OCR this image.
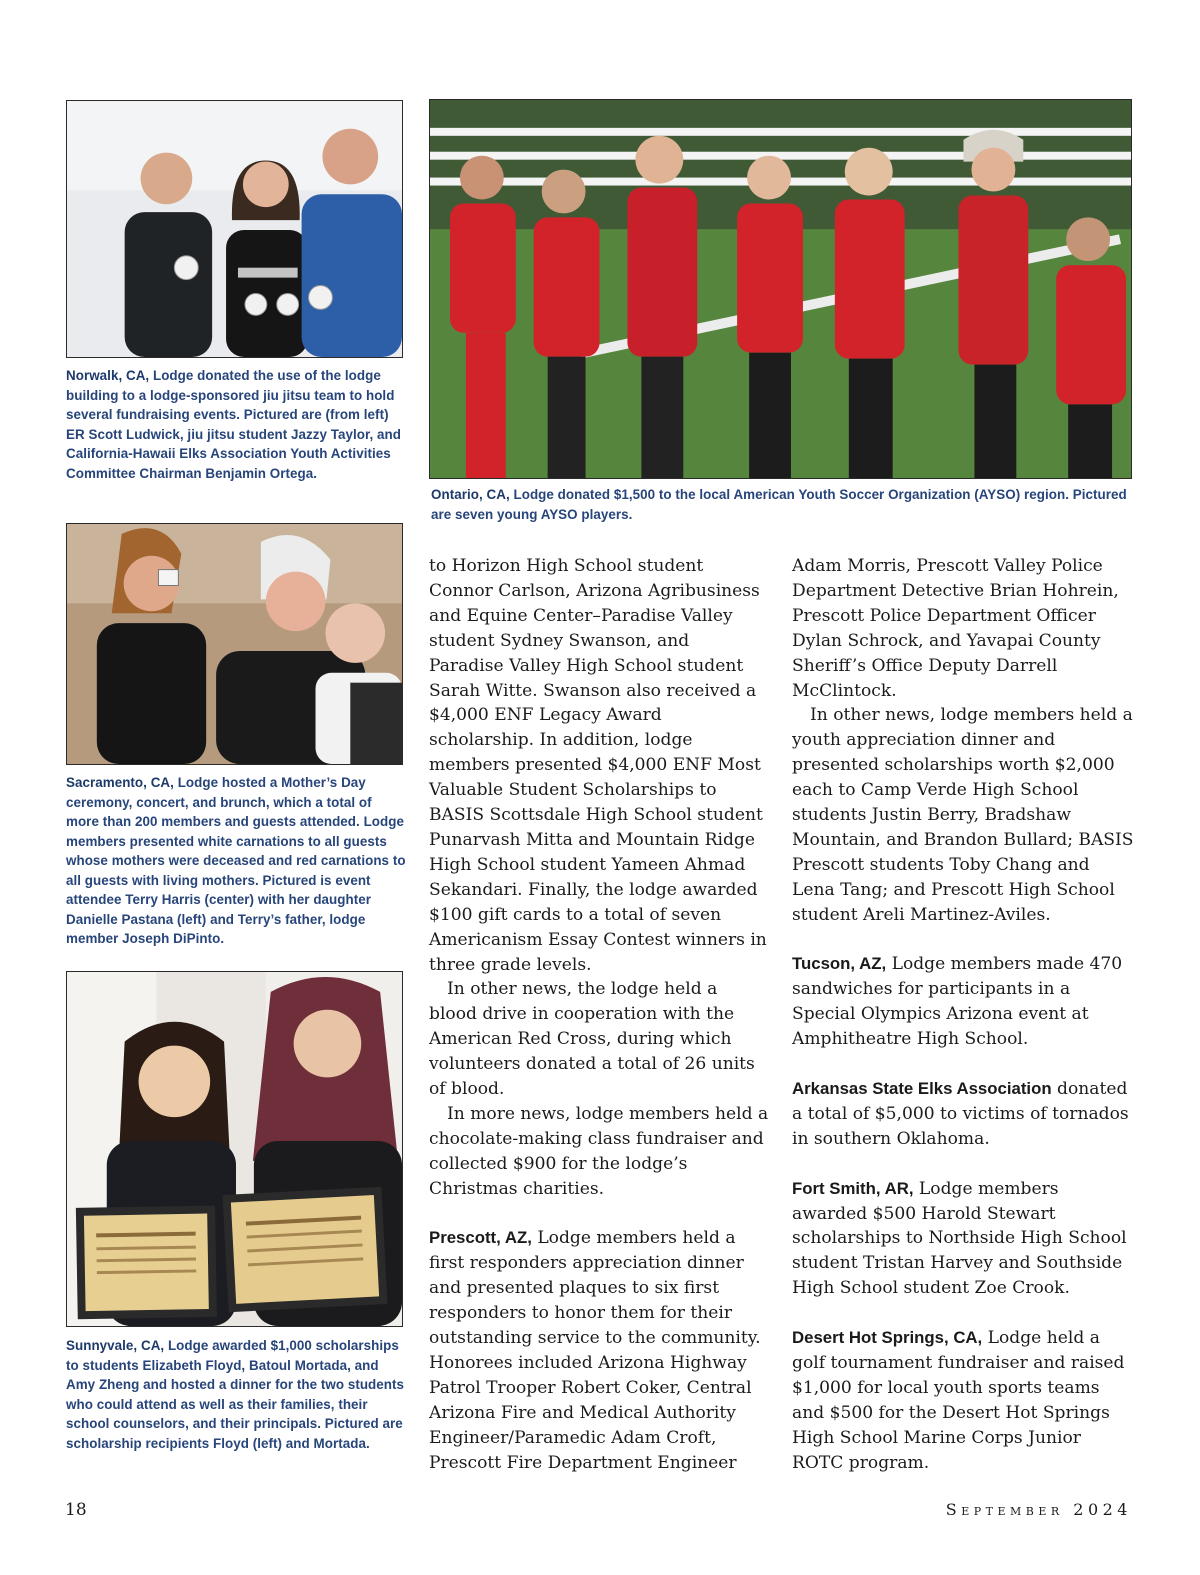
Norwalk, CA, Lodge donated the use of the lodge building to a lodge-sponsored jiu jitsu team to hold several fundraising events. Pictured are (from left) ER Scott Ludwick, jiu jitsu student Jazzy Taylor, and California-Hawaii Elks Association Youth Activities Committee Chairman Benjamin Ortega.

Ontario, CA, Lodge donated $1,500 to the local American Youth Soccer Organization (AYSO) region. Pictured are seven young AYSO players.

Sacramento, CA, Lodge hosted a Mother’s Day ceremony, concert, and brunch, which a total of more than 200 members and guests attended. Lodge members presented white carnations to all guests whose mothers were deceased and red carnations to all guests with living mothers. Pictured is event attendee Terry Harris (center) with her daughter Danielle Pastana (left) and Terry’s father, lodge member Joseph DiPinto.

Sunnyvale, CA, Lodge awarded $1,000 scholarships to students Elizabeth Floyd, Batoul Mortada, and Amy Zheng and hosted a dinner for the two students who could attend as well as their families, their school counselors, and their principals. Pictured are scholarship recipients Floyd (left) and Mortada.

to Horizon High School student Connor Carlson, Arizona Agribusiness and Equine Center–Paradise Valley student Sydney Swanson, and Paradise Valley High School student Sarah Witte. Swanson also received a $4,000 ENF Legacy Award scholarship. In addition, lodge members presented $4,000 ENF Most Valuable Student Scholarships to BASIS Scottsdale High School student Punarvash Mitta and Mountain Ridge High School student Yameen Ahmad Sekandari. Finally, the lodge awarded $100 gift cards to a total of seven Americanism Essay Contest winners in three grade levels.

In other news, the lodge held a blood drive in cooperation with the American Red Cross, during which volunteers donated a total of 26 units of blood.

In more news, lodge members held a chocolate-making class fundraiser and collected $900 for the lodge’s Christmas charities.

Prescott, AZ, Lodge members held a first responders appreciation dinner and presented plaques to six first responders to honor them for their outstanding service to the community. Honorees included Arizona Highway Patrol Trooper Robert Coker, Central Arizona Fire and Medical Authority Engineer/Paramedic Adam Croft, Prescott Fire Department Engineer

Adam Morris, Prescott Valley Police Department Detective Brian Hohrein, Prescott Police Department Officer Dylan Schrock, and Yavapai County Sheriff’s Office Deputy Darrell McClintock.

In other news, lodge members held a youth appreciation dinner and presented scholarships worth $2,000 each to Camp Verde High School students Justin Berry, Bradshaw Mountain, and Brandon Bullard; BASIS Prescott students Toby Chang and Lena Tang; and Prescott High School student Areli Martinez-Aviles.

Tucson, AZ, Lodge members made 470 sandwiches for participants in a Special Olympics Arizona event at Amphitheatre High School.

Arkansas State Elks Association donated a total of $5,000 to victims of tornados in southern Oklahoma.

Fort Smith, AR, Lodge members awarded $500 Harold Stewart scholarships to Northside High School student Tristan Harvey and Southside High School student Zoe Crook.

Desert Hot Springs, CA, Lodge held a golf tournament fundraiser and raised $1,000 for local youth sports teams and $500 for the Desert Hot Springs High School Marine Corps Junior ROTC program.

18	September 2024
